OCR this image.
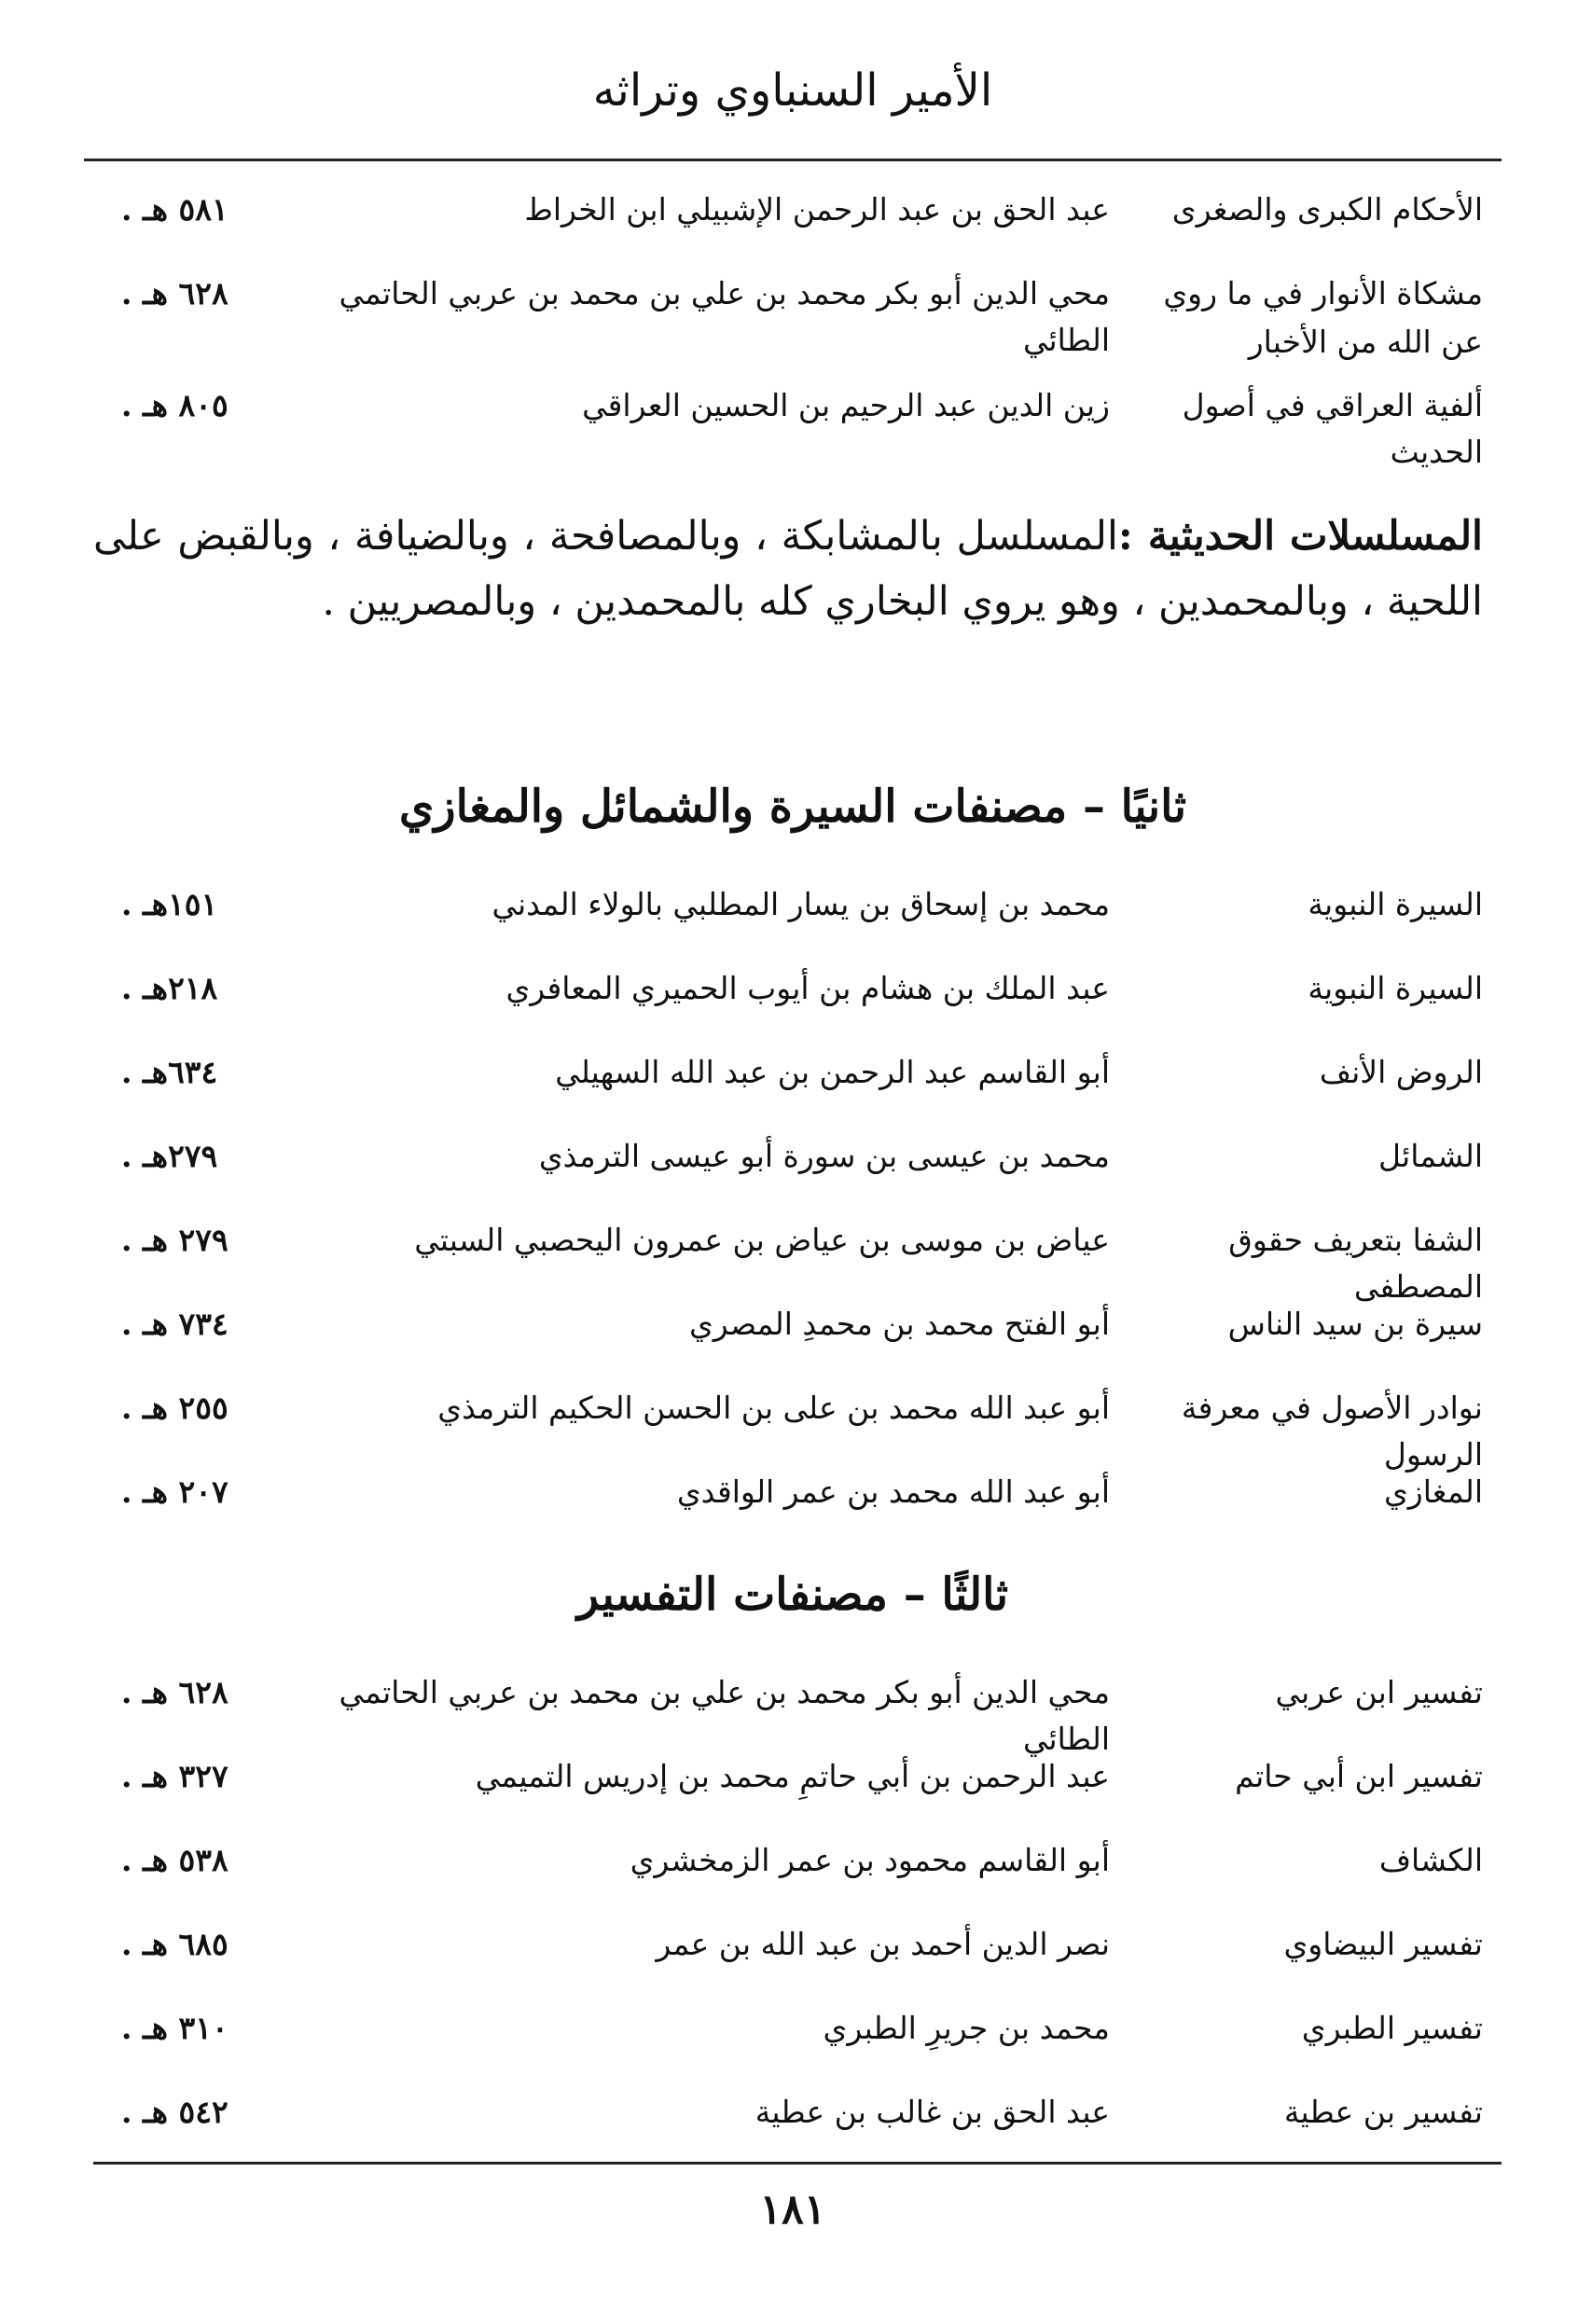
الأمير السنباوي وتراثه
الأحكام الكبرى والصغرى
عبد الحق بن عبد الرحمن الإشبيلي ابن الخراط
٥٨١ هـ .
مشكاة الأنوار في ما روي
عن الله من الأخبار
محي الدين أبو بكر محمد بن علي بن محمد بن عربي الحاتمي الطائي
٦٢٨ هـ .
ألفية العراقي في أصول الحديث
زين الدين عبد الرحيم بن الحسين العراقي
٨٠٥ هـ .
المسلسلات الحديثية :المسلسل بالمشابكة ، وبالمصافحة ، وبالضيافة ، وبالقبض على اللحية ، وبالمحمدين ، وهو يروي البخاري كله بالمحمدين ، وبالمصريين .
ثانيًا – مصنفات السيرة والشمائل والمغازي
السيرة النبوية
محمد بن إسحاق بن يسار المطلبي بالولاء المدني
١٥١هـ .
السيرة النبوية
عبد الملك بن هشام بن أيوب الحميري المعافري
٢١٨هـ .
الروض الأنف
أبو القاسم عبد الرحمن بن عبد الله السهيلي
٦٣٤هـ .
الشمائل
محمد بن عيسى بن سورة أبو عيسى الترمذي
٢٧٩هـ .
الشفا بتعريف حقوق المصطفى
عياض بن موسى بن عياض بن عمرون اليحصبي السبتي
٢٧٩ هـ .
سيرة بن سيد الناس
أبو الفتح محمد بن محمدِ المصري
٧٣٤ هـ .
نوادر الأصول في معرفة الرسول
أبو عبد الله محمد بن على بن الحسن الحكيم الترمذي
٢٥٥ هـ .
المغازي
أبو عبد الله محمد بن عمر الواقدي
٢٠٧ هـ .
ثالثًا – مصنفات التفسير
تفسير ابن عربي
محي الدين أبو بكر محمد بن علي بن محمد بن عربي الحاتمي الطائي
٦٢٨ هـ .
تفسير ابن أبي حاتم
عبد الرحمن بن أبي حاتمِ محمد بن إدريس التميمي
٣٢٧ هـ .
الكشاف
أبو القاسم محمود بن عمر الزمخشري
٥٣٨ هـ .
تفسير البيضاوي
نصر الدين أحمد بن عبد الله بن عمر
٦٨٥ هـ .
تفسير الطبري
محمد بن جريرِ الطبري
٣١٠ هـ .
تفسير بن عطية
عبد الحق بن غالب بن عطية
٥٤٢ هـ .
١٨١
